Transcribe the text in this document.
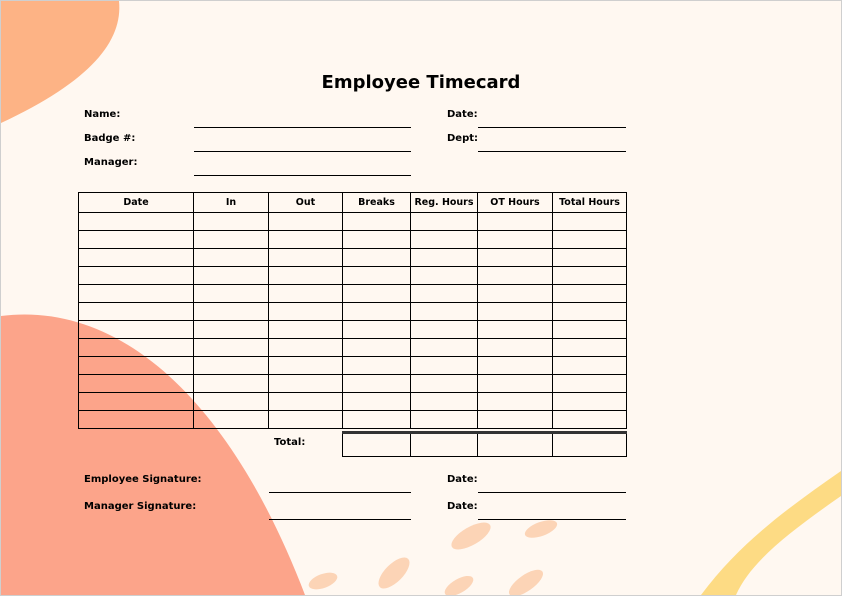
Employee Timecard
Name:
Badge #:
Manager:
Date:
Dept:
Date	In	Out	Breaks	Reg. Hours	OT Hours	Total Hours

Total:

Employee Signature:
Manager Signature:
Date:
Date:
